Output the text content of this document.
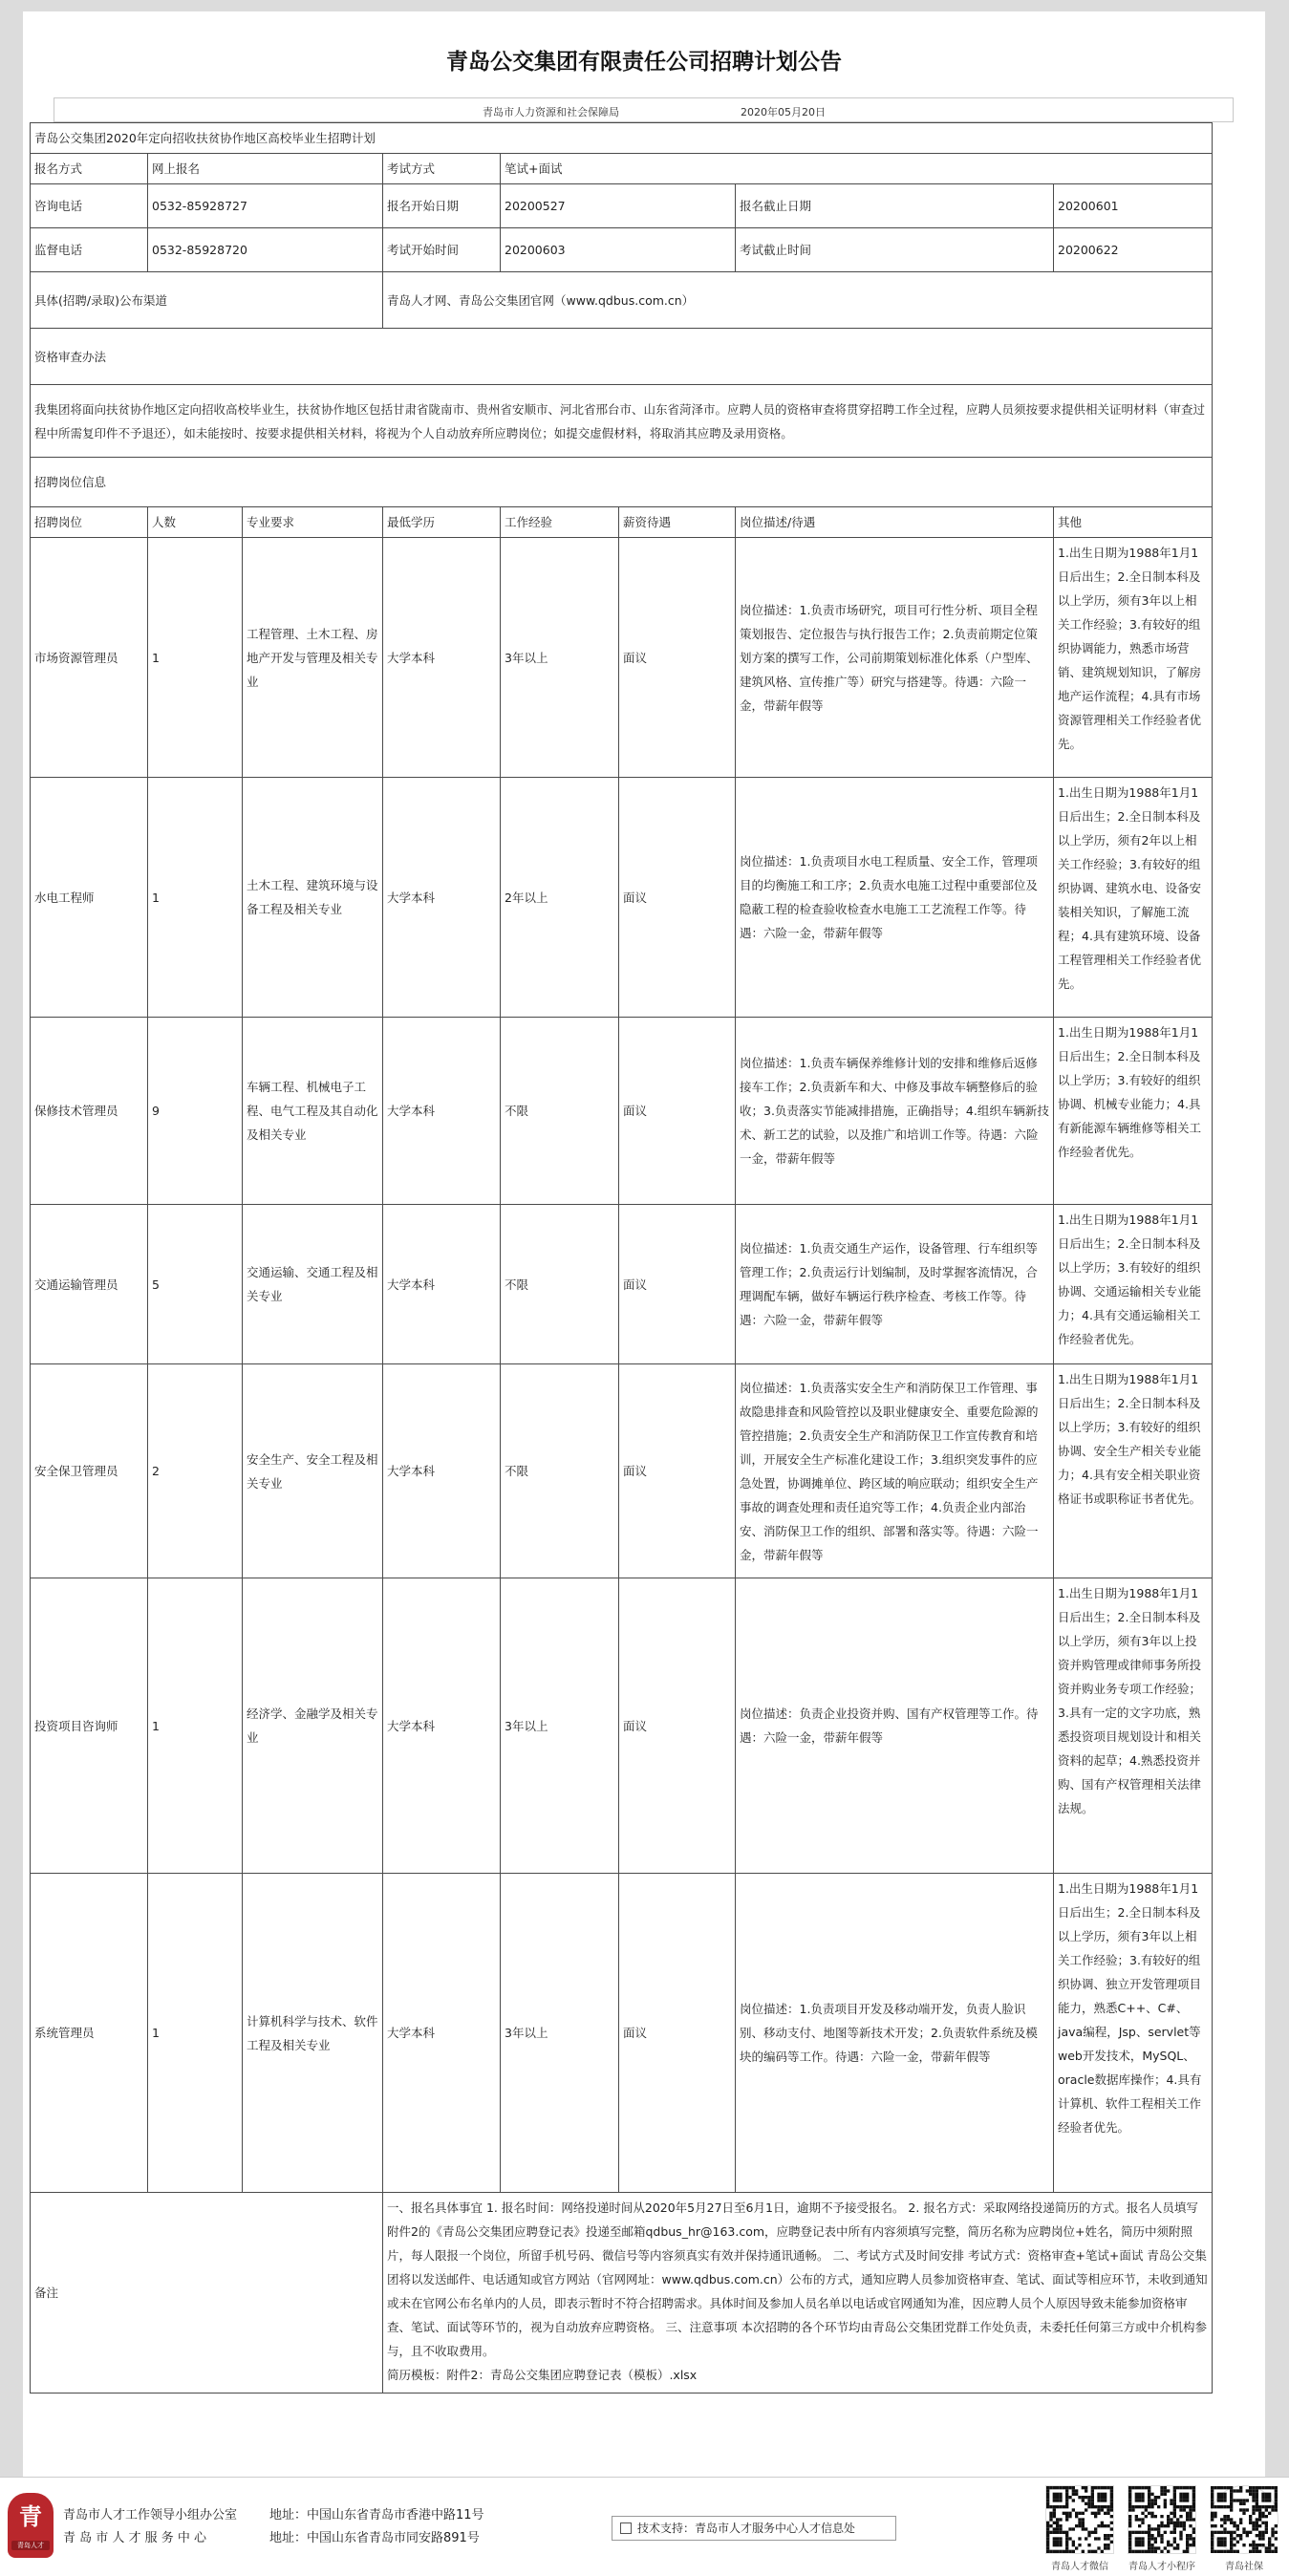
青岛公交集团有限责任公司招聘计划公告
青岛市人力资源和社会保障局	2020年05月20日
青岛公交集团2020年定向招收扶贫协作地区高校毕业生招聘计划							
报名方式	网上报名		考试方式	笔试+面试			
咨询电话	0532-85928727		报名开始日期	20200527		报名截止日期	20200601
监督电话	0532-85928720		考试开始时间	20200603		考试截止时间	20200622
具体(招聘/录取)公布渠道			青岛人才网、青岛公交集团官网（www.qdbus.com.cn）				
资格审查办法							
我集团将面向扶贫协作地区定向招收高校毕业生，扶贫协作地区包括甘肃省陇南市、贵州省安顺市、河北省邢台市、山东省菏泽市。应聘人员的资格审查将贯穿招聘工作全过程，应聘人员须按要求提供相关证明材料（审查过程中所需复印件不予退还），如未能按时、按要求提供相关材料，将视为个人自动放弃所应聘岗位；如提交虚假材料，将取消其应聘及录用资格。							
招聘岗位信息							
招聘岗位	人数	专业要求	最低学历	工作经验	薪资待遇	岗位描述/待遇	其他
市场资源管理员	1	工程管理、土木工程、房地产开发与管理及相关专业	大学本科	3年以上	面议	岗位描述：1.负责市场研究，项目可行性分析、项目全程策划报告、定位报告与执行报告工作；2.负责前期定位策划方案的撰写工作，公司前期策划标准化体系（户型库、建筑风格、宣传推广等）研究与搭建等。待遇：六险一金，带薪年假等	1.出生日期为1988年1月1日后出生；2.全日制本科及以上学历，须有3年以上相关工作经验；3.有较好的组织协调能力，熟悉市场营销、建筑规划知识，了解房地产运作流程；4.具有市场资源管理相关工作经验者优先。
水电工程师	1	土木工程、建筑环境与设备工程及相关专业	大学本科	2年以上	面议	岗位描述：1.负责项目水电工程质量、安全工作，管理项目的均衡施工和工序；2.负责水电施工过程中重要部位及隐蔽工程的检查验收检查水电施工工艺流程工作等。待遇：六险一金，带薪年假等	1.出生日期为1988年1月1日后出生；2.全日制本科及以上学历，须有2年以上相关工作经验；3.有较好的组织协调、建筑水电、设备安装相关知识，了解施工流程；4.具有建筑环境、设备工程管理相关工作经验者优先。
保修技术管理员	9	车辆工程、机械电子工程、电气工程及其自动化及相关专业	大学本科	不限	面议	岗位描述：1.负责车辆保养维修计划的安排和维修后返修接车工作；2.负责新车和大、中修及事故车辆整修后的验收；3.负责落实节能减排措施，正确指导；4.组织车辆新技术、新工艺的试验，以及推广和培训工作等。待遇：六险一金，带薪年假等	1.出生日期为1988年1月1日后出生；2.全日制本科及以上学历；3.有较好的组织协调、机械专业能力；4.具有新能源车辆维修等相关工作经验者优先。
交通运输管理员	5	交通运输、交通工程及相关专业	大学本科	不限	面议	岗位描述：1.负责交通生产运作，设备管理、行车组织等管理工作；2.负责运行计划编制，及时掌握客流情况，合理调配车辆，做好车辆运行秩序检查、考核工作等。待遇：六险一金，带薪年假等	1.出生日期为1988年1月1日后出生；2.全日制本科及以上学历；3.有较好的组织协调、交通运输相关专业能力；4.具有交通运输相关工作经验者优先。
安全保卫管理员	2	安全生产、安全工程及相关专业	大学本科	不限	面议	岗位描述：1.负责落实安全生产和消防保卫工作管理、事故隐患排查和风险管控以及职业健康安全、重要危险源的管控措施；2.负责安全生产和消防保卫工作宣传教育和培训，开展安全生产标准化建设工作；3.组织突发事件的应急处置，协调摊单位、跨区域的响应联动；组织安全生产事故的调查处理和责任追究等工作；4.负责企业内部治安、消防保卫工作的组织、部署和落实等。待遇：六险一金，带薪年假等	1.出生日期为1988年1月1日后出生；2.全日制本科及以上学历；3.有较好的组织协调、安全生产相关专业能力；4.具有安全相关职业资格证书或职称证书者优先。
投资项目咨询师	1	经济学、金融学及相关专业	大学本科	3年以上	面议	岗位描述：负责企业投资并购、国有产权管理等工作。待遇：六险一金，带薪年假等	1.出生日期为1988年1月1日后出生；2.全日制本科及以上学历，须有3年以上投资并购管理或律师事务所投资并购业务专项工作经验；3.具有一定的文字功底，熟悉投资项目规划设计和相关资料的起草；4.熟悉投资并购、国有产权管理相关法律法规。
系统管理员	1	计算机科学与技术、软件工程及相关专业	大学本科	3年以上	面议	岗位描述：1.负责项目开发及移动端开发，负责人脸识别、移动支付、地图等新技术开发；2.负责软件系统及模块的编码等工作。待遇：六险一金，带薪年假等	1.出生日期为1988年1月1日后出生；2.全日制本科及以上学历，须有3年以上相关工作经验；3.有较好的组织协调、独立开发管理项目能力，熟悉C++、C#、java编程，Jsp、servlet等web开发技术，MySQL、oracle数据库操作；4.具有计算机、软件工程相关工作经验者优先。
备注			一、报名具体事宜 1. 报名时间：网络投递时间从2020年5月27日至6月1日，逾期不予接受报名。 2. 报名方式：采取网络投递简历的方式。报名人员填写附件2的《青岛公交集团应聘登记表》投递至邮箱qdbus_hr@163.com，应聘登记表中所有内容须填写完整，简历名称为应聘岗位+姓名，简历中须附照片，每人限报一个岗位，所留手机号码、微信号等内容须真实有效并保持通讯通畅。 二、考试方式及时间安排 考试方式：资格审查+笔试+面试 青岛公交集团将以发送邮件、电话通知或官方网站（官网网址：www.qdbus.com.cn）公布的方式，通知应聘人员参加资格审查、笔试、面试等相应环节，未收到通知或未在官网公布名单内的人员，即表示暂时不符合招聘需求。具体时间及参加人员名单以电话或官网通知为准，因应聘人员个人原因导致未能参加资格审查、笔试、面试等环节的，视为自动放弃应聘资格。 三、注意事项 本次招聘的各个环节均由青岛公交集团党群工作处负责，未委托任何第三方或中介机构参与，且不收取费用。
简历模板：附件2：青岛公交集团应聘登记表（模板）.xlsx				
青
青岛人才
青岛市人才工作领导小组办公室	地址：中国山东省青岛市香港中路11号
青 岛 市 人 才 服 务 中 心	地址：中国山东省青岛市同安路891号
技术支持：青岛市人才服务中心人才信息处
青岛人才微信	青岛人才小程序	青岛社保
